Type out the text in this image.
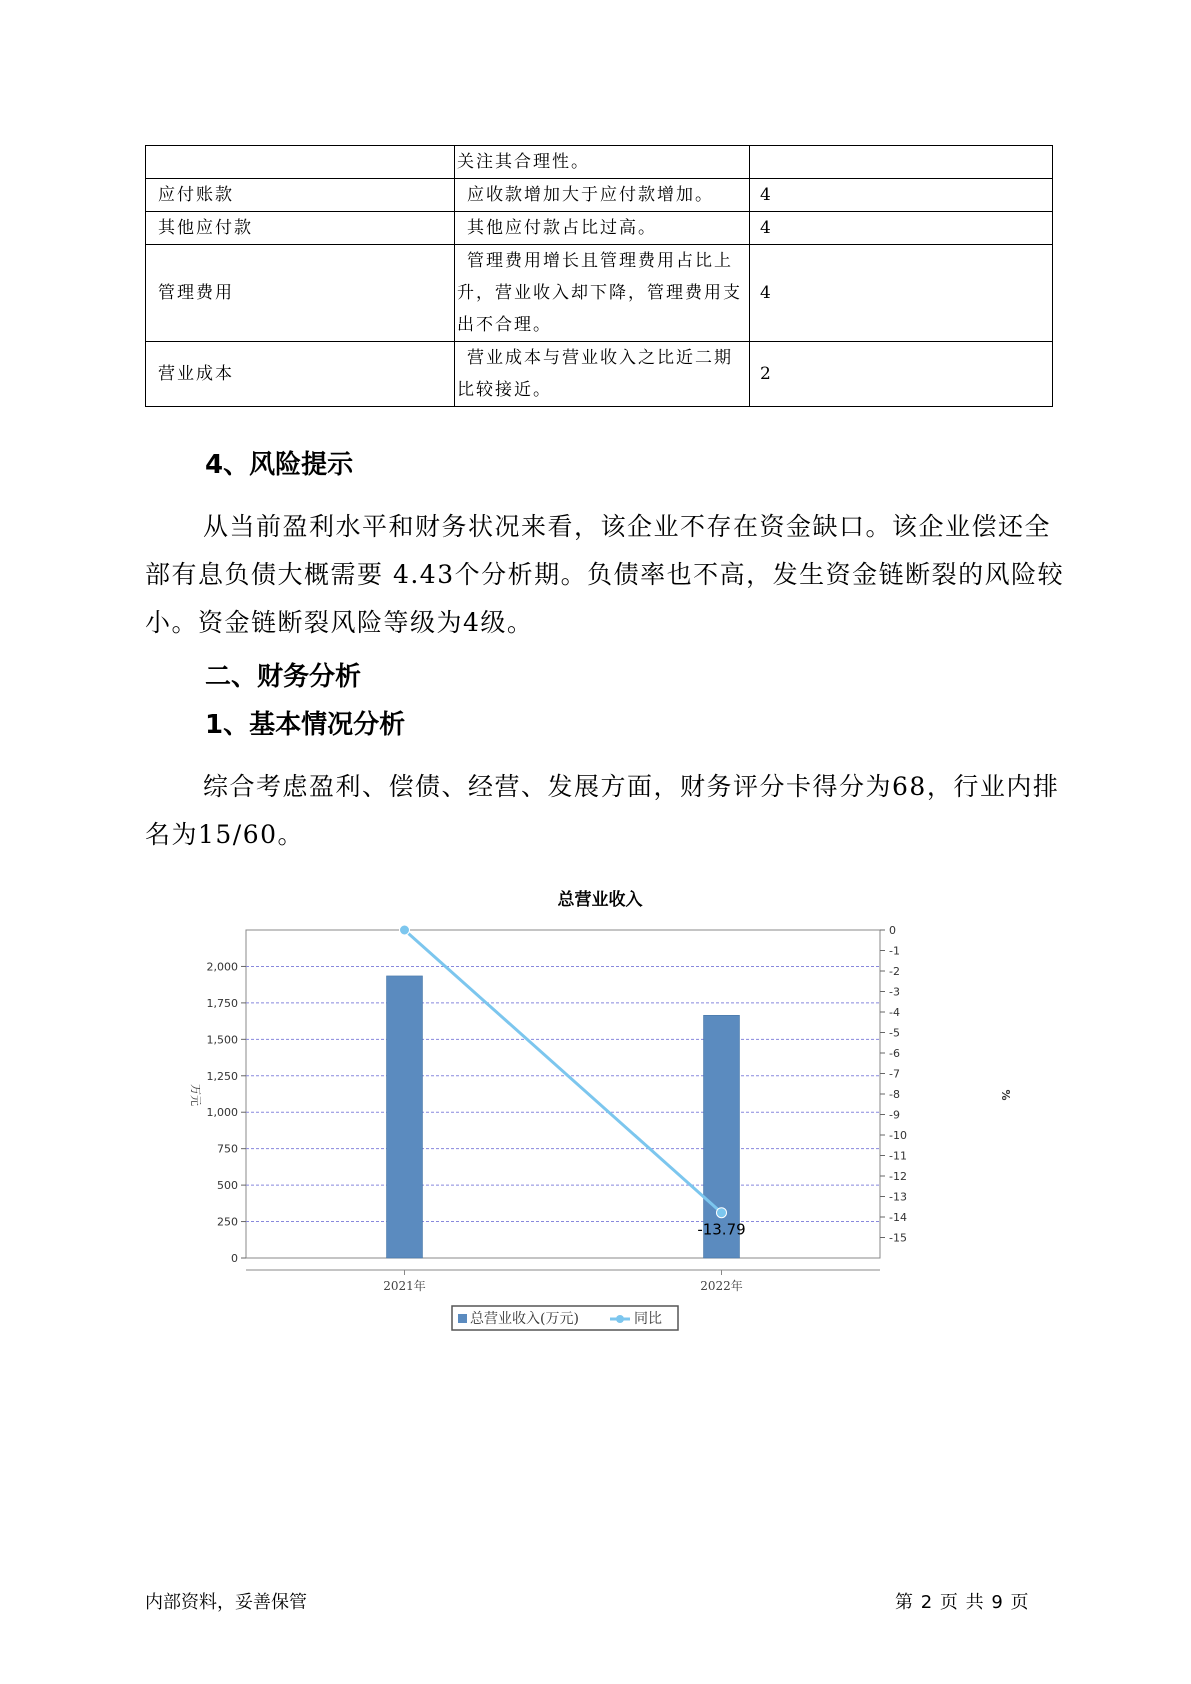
	关注其合理性。	
应付账款	应收款增加大于应付款增加。	4
其他应付款	其他应付款占比过高。	4
管理费用	管理费用增长且管理费用占比上升，营业收入却下降，管理费用支出不合理。	4
营业成本	营业成本与营业收入之比近二期比较接近。	2
4、风险提示

从当前盈利水平和财务状况来看，该企业不存在资金缺口。该企业偿还全部有息负债大概需要 4.43个分析期。负债率也不高，发生资金链断裂的风险较小。资金链断裂风险等级为4级。

二、财务分析
1、基本情况分析

综合考虑盈利、偿债、经营、发展方面，财务评分卡得分为68，行业内排名为15/60。

总营业收入
0
250
500
750
1,000
1,250
1,500
1,750
2,000
0
-1
-2
-3
-4
-5
-6
-7
-8
-9
-10
-11
-12
-13
-14
-15
-13.79
2021年	2022年
万元	%
总营业收入(万元)	同比
内部资料，妥善保管	第 2 页 共 9 页
